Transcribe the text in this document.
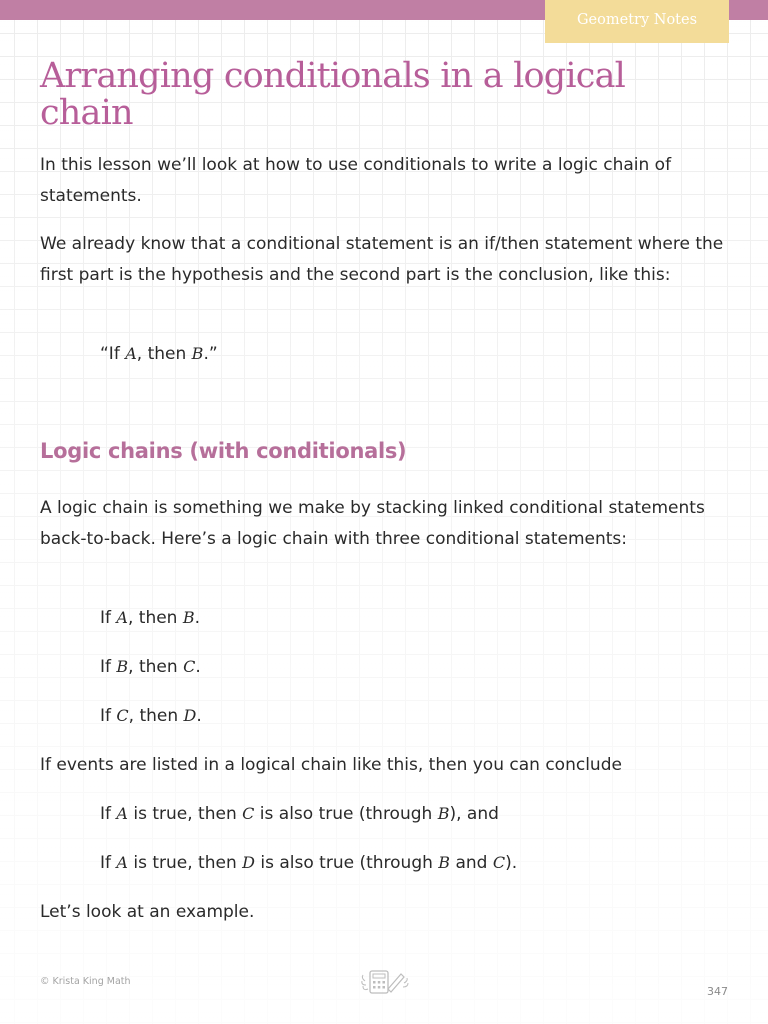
Geometry Notes
Arranging conditionals in a logical chain

In this lesson we’ll look at how to use conditionals to write a logic chain of statements.

We already know that a conditional statement is an if/then statement where the first part is the hypothesis and the second part is the conclusion, like this:

“If A, then B.”

Logic chains (with conditionals)

A logic chain is something we make by stacking linked conditional statements back-to-back. Here’s a logic chain with three conditional statements:

If A, then B.

If B, then C.

If C, then D.

If events are listed in a logical chain like this, then you can conclude

If A is true, then C is also true (through B), and

If A is true, then D is also true (through B and C).

Let’s look at an example.

© Krista King Math
347
